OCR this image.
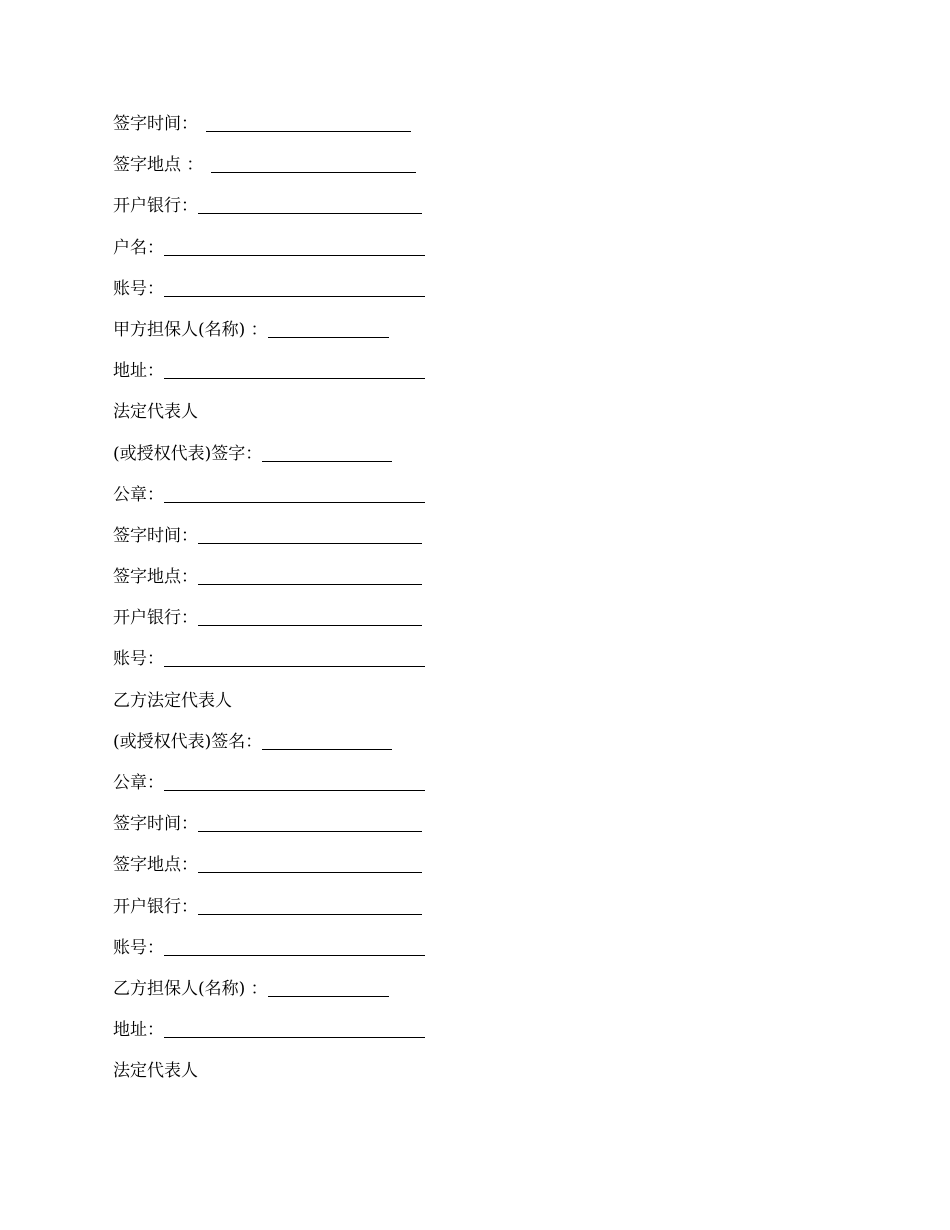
签字时间：
签字地点 ：
开户银行：
户名：
账号：
甲方担保人(名称) ：
地址：
法定代表人
(或授权代表)签字：
公章：
签字时间：
签字地点：
开户银行：
账号：
乙方法定代表人
(或授权代表)签名：
公章：
签字时间：
签字地点：
开户银行：
账号：
乙方担保人(名称) ：
地址：
法定代表人
